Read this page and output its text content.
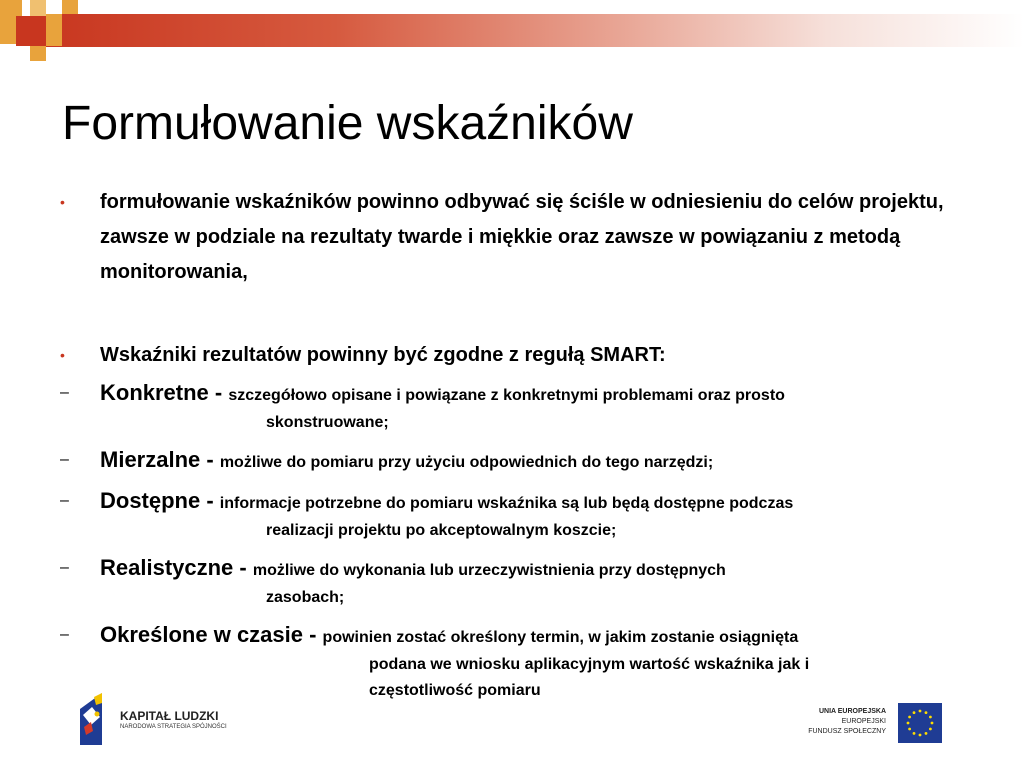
Formułowanie wskaźników
• formułowanie wskaźników powinno odbywać się ściśle w odniesieniu do celów projektu, zawsze w podziale na rezultaty twarde i miękkie oraz zawsze w powiązaniu z metodą monitorowania,
• Wskaźniki rezultatów powinny być zgodne z regułą SMART:
– Konkretne - szczegółowo opisane i powiązane z konkretnymi problemami oraz prosto
skonstruowane;
– Mierzalne - możliwe do pomiaru przy użyciu odpowiednich do tego narzędzi;
– Dostępne - informacje potrzebne do pomiaru wskaźnika są lub będą dostępne podczas
realizacji projektu po akceptowalnym koszcie;
– Realistyczne - możliwe do wykonania lub urzeczywistnienia przy dostępnych
zasobach;
– Określone w czasie - powinien zostać określony termin, w jakim zostanie osiągnięta
podana we wniosku aplikacyjnym wartość wskaźnika jak i
częstotliwość pomiaru
KAPITAŁ LUDZKI
NARODOWA STRATEGIA SPÓJNOŚCI
UNIA EUROPEJSKA
EUROPEJSKI
FUNDUSZ SPOŁECZNY
